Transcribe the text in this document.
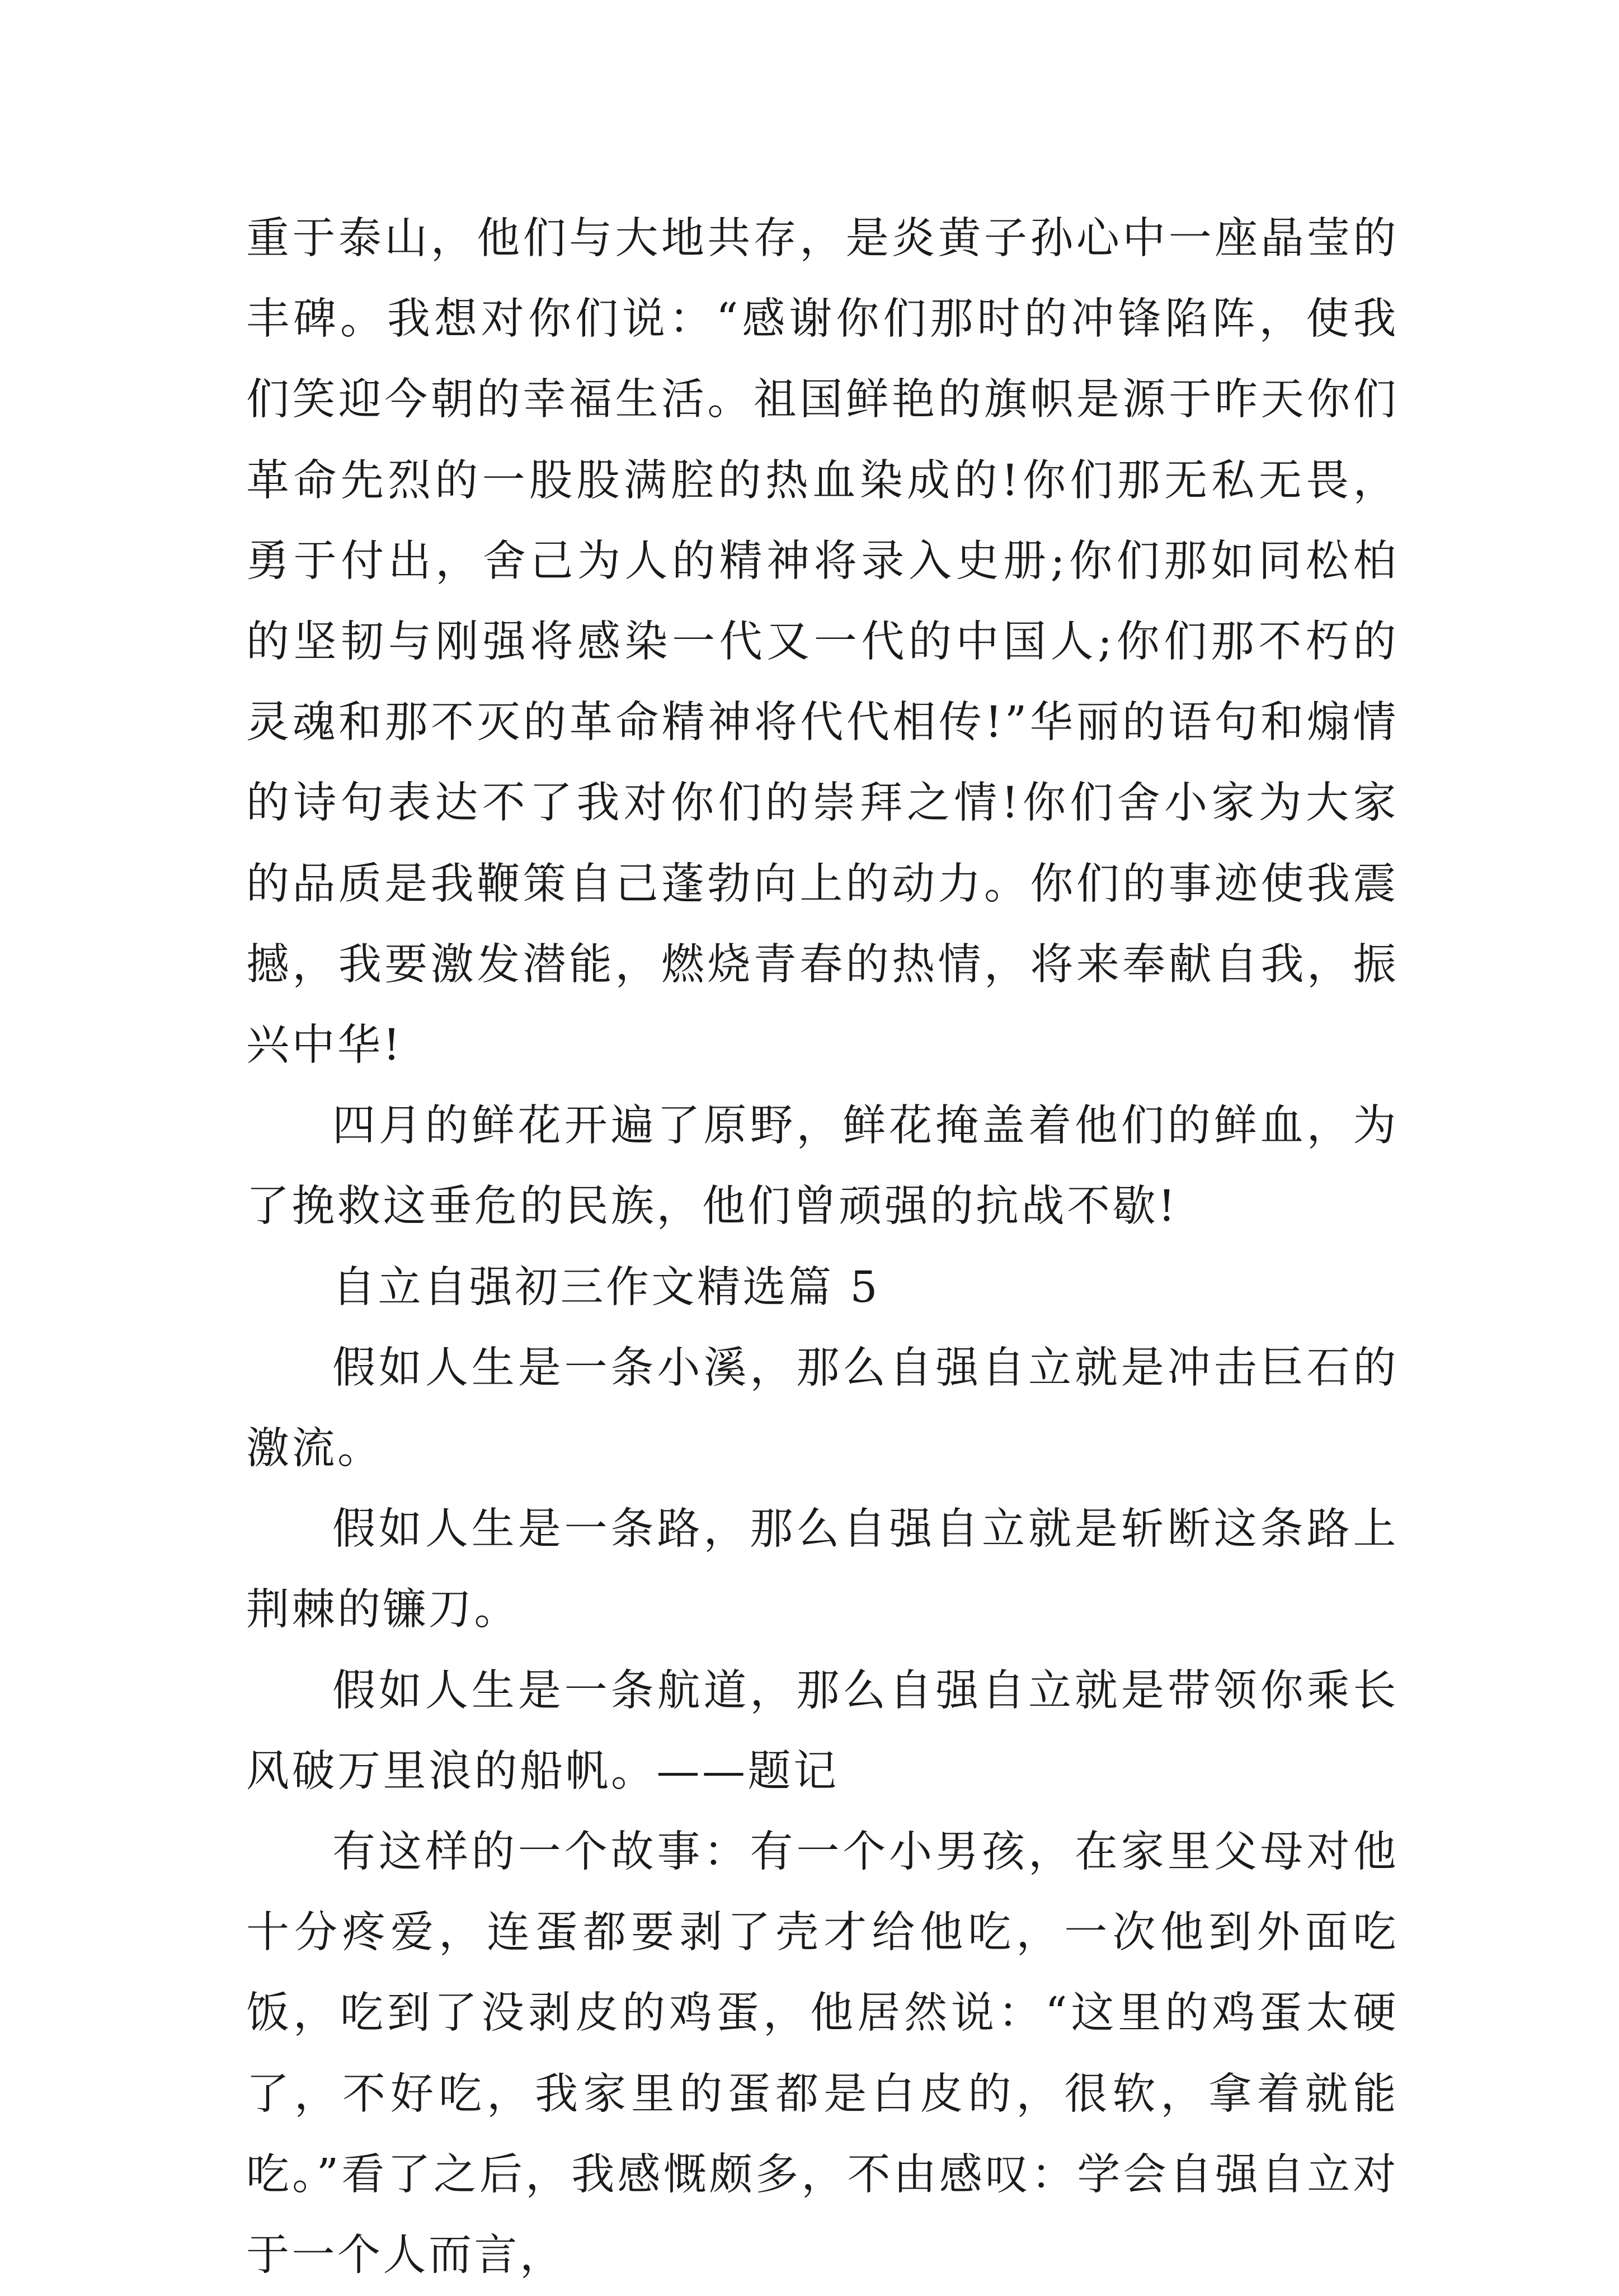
重于泰山，他们与大地共存，是炎黄子孙心中一座晶莹的丰碑。我想对你们说：“感谢你们那时的冲锋陷阵，使我们笑迎今朝的幸福生活。祖国鲜艳的旗帜是源于昨天你们革命先烈的一股股满腔的热血染成的!你们那无私无畏，勇于付出，舍己为人的精神将录入史册;你们那如同松柏的坚韧与刚强将感染一代又一代的中国人;你们那不朽的灵魂和那不灭的革命精神将代代相传!”华丽的语句和煽情的诗句表达不了我对你们的崇拜之情!你们舍小家为大家的品质是我鞭策自己蓬勃向上的动力。你们的事迹使我震撼，我要激发潜能，燃烧青春的热情，将来奉献自我，振兴中华!

四月的鲜花开遍了原野，鲜花掩盖着他们的鲜血，为了挽救这垂危的民族，他们曾顽强的抗战不歇!

自立自强初三作文精选篇 5

假如人生是一条小溪，那么自强自立就是冲击巨石的激流。

假如人生是一条路，那么自强自立就是斩断这条路上荆棘的镰刀。

假如人生是一条航道，那么自强自立就是带领你乘长风破万里浪的船帆。——题记

有这样的一个故事：有一个小男孩，在家里父母对他十分疼爱，连蛋都要剥了壳才给他吃，一次他到外面吃饭，吃到了没剥皮的鸡蛋，他居然说：“这里的鸡蛋太硬了，不好吃，我家里的蛋都是白皮的，很软，拿着就能吃。”看了之后，我感慨颇多，不由感叹：学会自强自立对于一个人而言，
